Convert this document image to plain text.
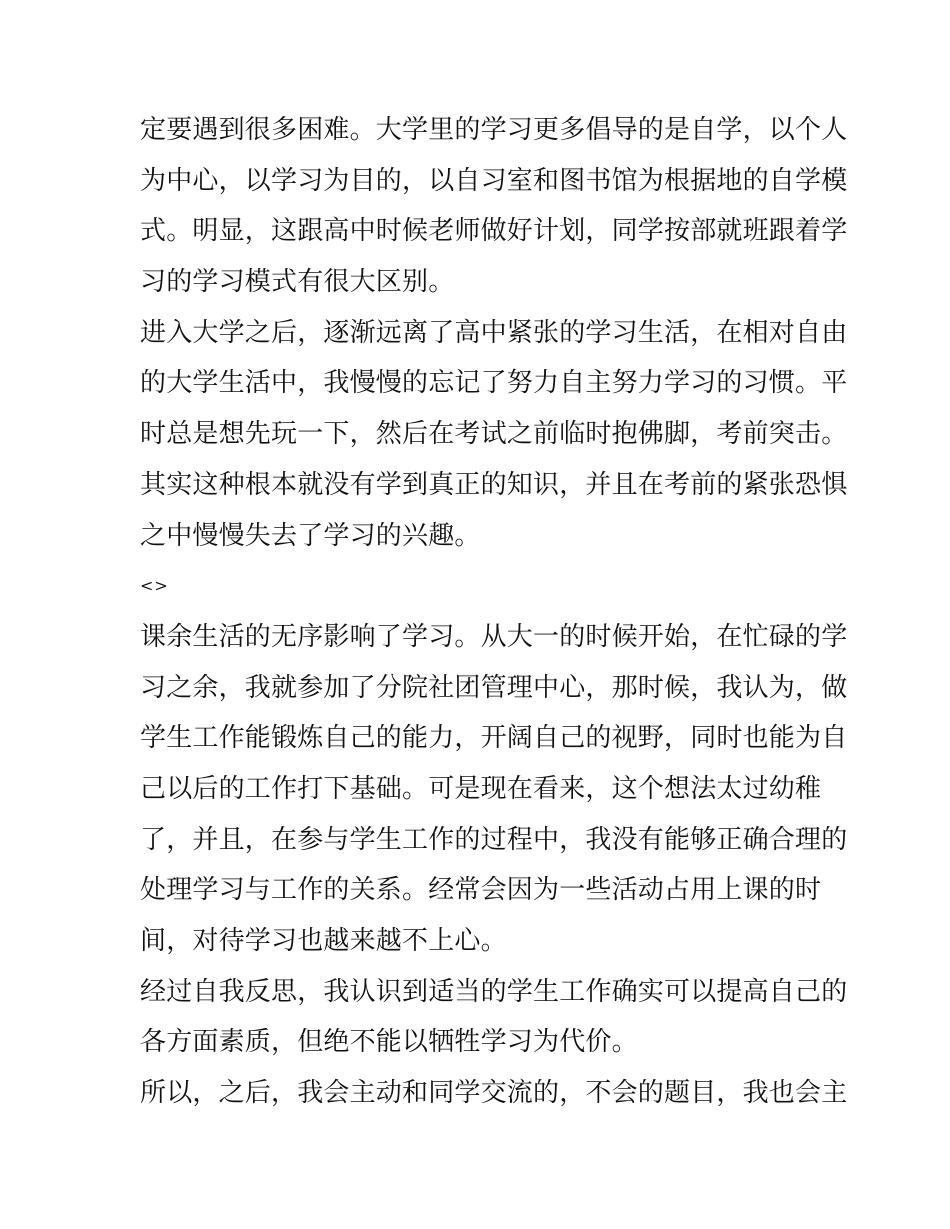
定要遇到很多困难。大学里的学习更多倡导的是自学，以个人
为中心，以学习为目的，以自习室和图书馆为根据地的自学模
式。明显，这跟高中时候老师做好计划，同学按部就班跟着学
习的学习模式有很大区别。
进入大学之后，逐渐远离了高中紧张的学习生活，在相对自由
的大学生活中，我慢慢的忘记了努力自主努力学习的习惯。平
时总是想先玩一下，然后在考试之前临时抱佛脚，考前突击。
其实这种根本就没有学到真正的知识，并且在考前的紧张恐惧
之中慢慢失去了学习的兴趣。
<>
课余生活的无序影响了学习。从大一的时候开始，在忙碌的学
习之余，我就参加了分院社团管理中心，那时候，我认为，做
学生工作能锻炼自己的能力，开阔自己的视野，同时也能为自
己以后的工作打下基础。可是现在看来，这个想法太过幼稚
了，并且，在参与学生工作的过程中，我没有能够正确合理的
处理学习与工作的关系。经常会因为一些活动占用上课的时
间，对待学习也越来越不上心。
经过自我反思，我认识到适当的学生工作确实可以提高自己的
各方面素质，但绝不能以牺牲学习为代价。
所以，之后，我会主动和同学交流的，不会的题目，我也会主
